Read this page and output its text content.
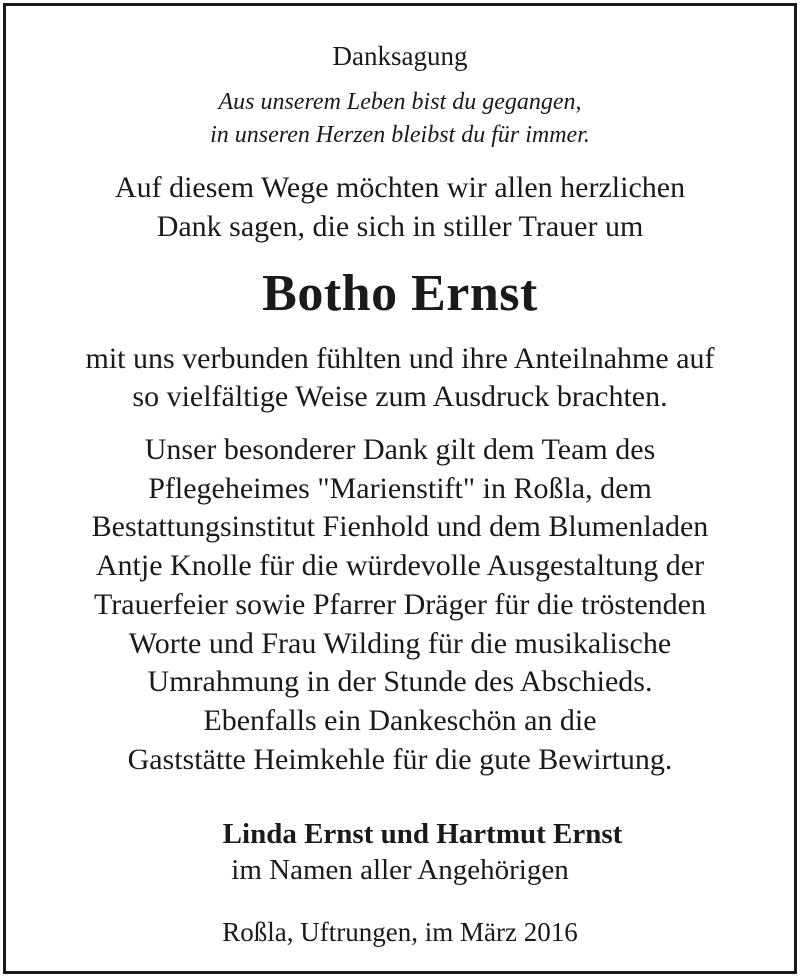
Danksagung
Aus unserem Leben bist du gegangen,
in unseren Herzen bleibst du für immer.
Auf diesem Wege möchten wir allen herzlichen
Dank sagen, die sich in stiller Trauer um
Botho Ernst
mit uns verbunden fühlten und ihre Anteilnahme auf
so vielfältige Weise zum Ausdruck brachten.
Unser besonderer Dank gilt dem Team des
Pflegeheimes "Marienstift" in Roßla, dem
Bestattungsinstitut Fienhold und dem Blumenladen
Antje Knolle für die würdevolle Ausgestaltung der
Trauerfeier sowie Pfarrer Dräger für die tröstenden
Worte und Frau Wilding für die musikalische
Umrahmung in der Stunde des Abschieds.
Ebenfalls ein Dankeschön an die
Gaststätte Heimkehle für die gute Bewirtung.
Linda Ernst und Hartmut Ernst
im Namen aller Angehörigen
Roßla, Uftrungen, im März 2016
